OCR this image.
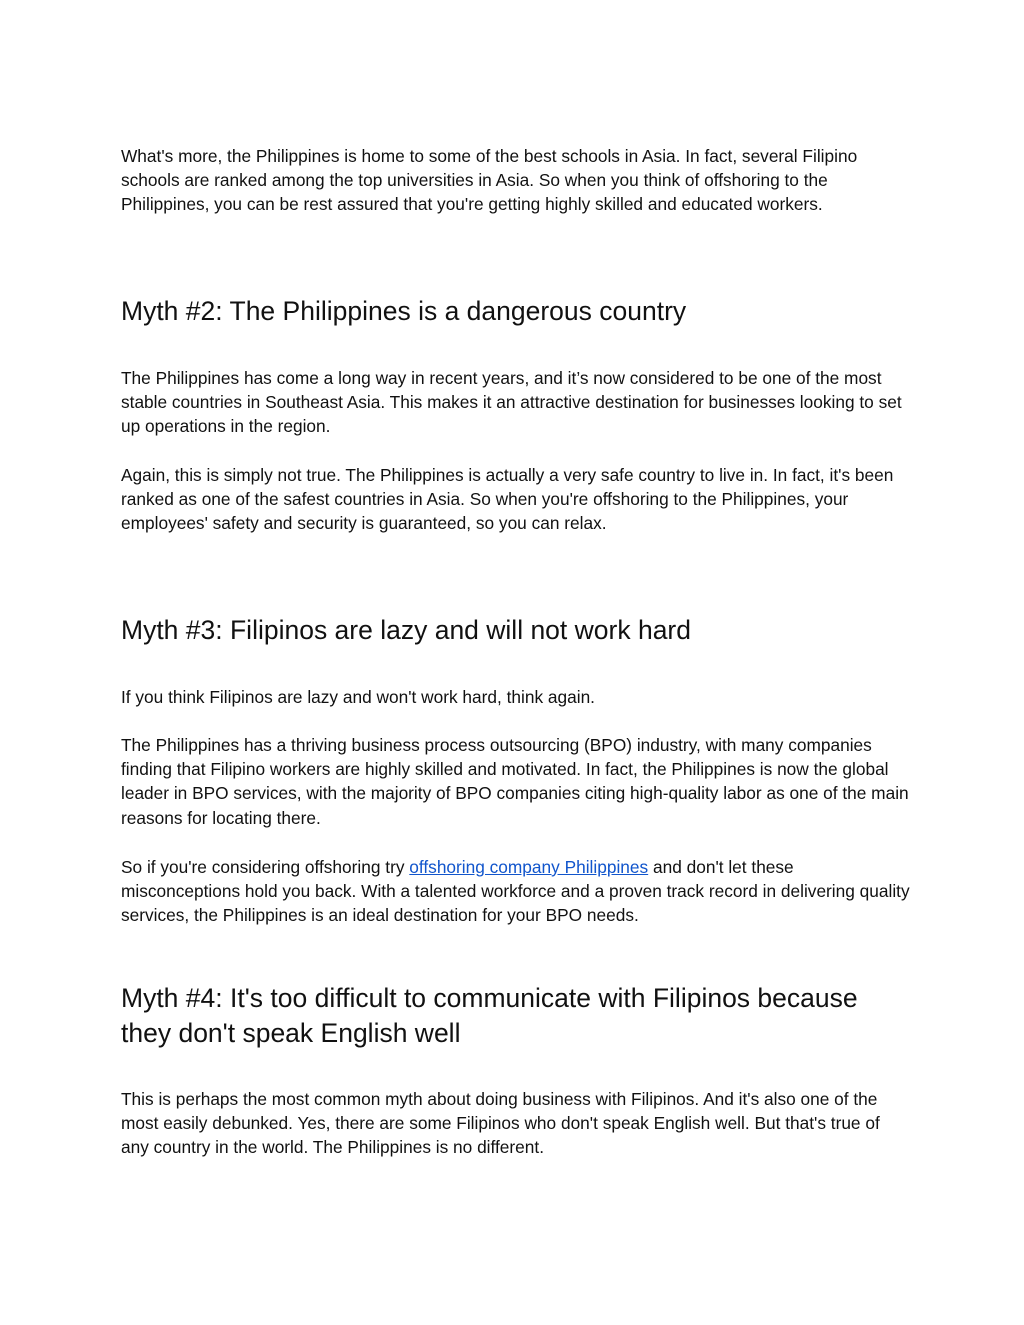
What's more, the Philippines is home to some of the best schools in Asia. In fact, several Filipino schools are ranked among the top universities in Asia. So when you think of offshoring to the Philippines, you can be rest assured that you're getting highly skilled and educated workers.

Myth #2: The Philippines is a dangerous country

The Philippines has come a long way in recent years, and it’s now considered to be one of the most stable countries in Southeast Asia. This makes it an attractive destination for businesses looking to set up operations in the region.

Again, this is simply not true. The Philippines is actually a very safe country to live in. In fact, it's been ranked as one of the safest countries in Asia. So when you're offshoring to the Philippines, your employees' safety and security is guaranteed, so you can relax.

Myth #3: Filipinos are lazy and will not work hard

If you think Filipinos are lazy and won't work hard, think again.

The Philippines has a thriving business process outsourcing (BPO) industry, with many companies finding that Filipino workers are highly skilled and motivated. In fact, the Philippines is now the global leader in BPO services, with the majority of BPO companies citing high-quality labor as one of the main reasons for locating there.

So if you're considering offshoring try offshoring company Philippines and don't let these misconceptions hold you back. With a talented workforce and a proven track record in delivering quality services, the Philippines is an ideal destination for your BPO needs.

Myth #4: It's too difficult to communicate with Filipinos because they don't speak English well

This is perhaps the most common myth about doing business with Filipinos. And it's also one of the most easily debunked. Yes, there are some Filipinos who don't speak English well. But that's true of any country in the world. The Philippines is no different.
